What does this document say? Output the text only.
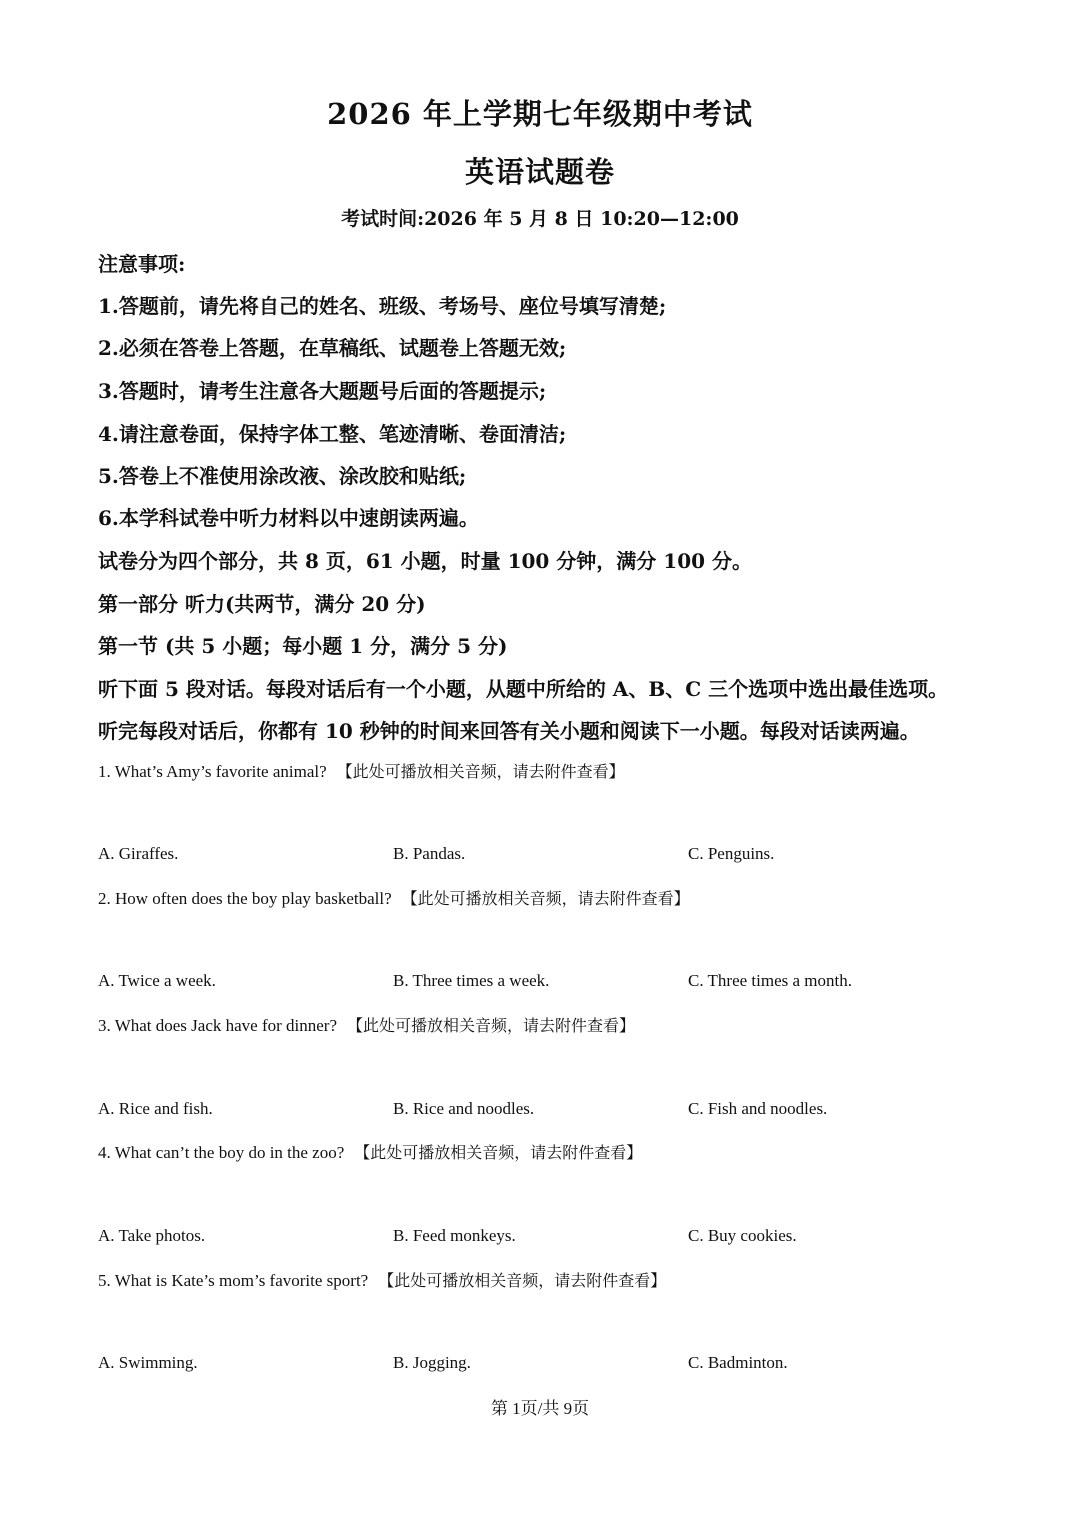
2026 年上学期七年级期中考试
英语试题卷
考试时间:2026 年 5 月 8 日 10:20—12:00
注意事项:
1.答题前，请先将自己的姓名、班级、考场号、座位号填写清楚;
2.必须在答卷上答题，在草稿纸、试题卷上答题无效;
3.答题时，请考生注意各大题题号后面的答题提示;
4.请注意卷面，保持字体工整、笔迹清晰、卷面清洁;
5.答卷上不准使用涂改液、涂改胶和贴纸;
6.本学科试卷中听力材料以中速朗读两遍。
试卷分为四个部分，共 8 页，61 小题，时量 100 分钟，满分 100 分。
第一部分 听力(共两节，满分 20 分)
第一节 (共 5 小题；每小题 1 分，满分 5 分)
听下面 5 段对话。每段对话后有一个小题，从题中所给的 A、B、C 三个选项中选出最佳选项。
听完每段对话后，你都有 10 秒钟的时间来回答有关小题和阅读下一小题。每段对话读两遍。
1. What’s Amy’s favorite animal? 【此处可播放相关音频，请去附件查看】
A. Giraffes.	B. Pandas.	C. Penguins.
2. How often does the boy play basketball? 【此处可播放相关音频，请去附件查看】
A. Twice a week.	B. Three times a week.	C. Three times a month.
3. What does Jack have for dinner? 【此处可播放相关音频，请去附件查看】
A. Rice and fish.	B. Rice and noodles.	C. Fish and noodles.
4. What can’t the boy do in the zoo? 【此处可播放相关音频，请去附件查看】
A. Take photos.	B. Feed monkeys.	C. Buy cookies.
5. What is Kate’s mom’s favorite sport? 【此处可播放相关音频，请去附件查看】
A. Swimming.	B. Jogging.	C. Badminton.
第 1页/共 9页
